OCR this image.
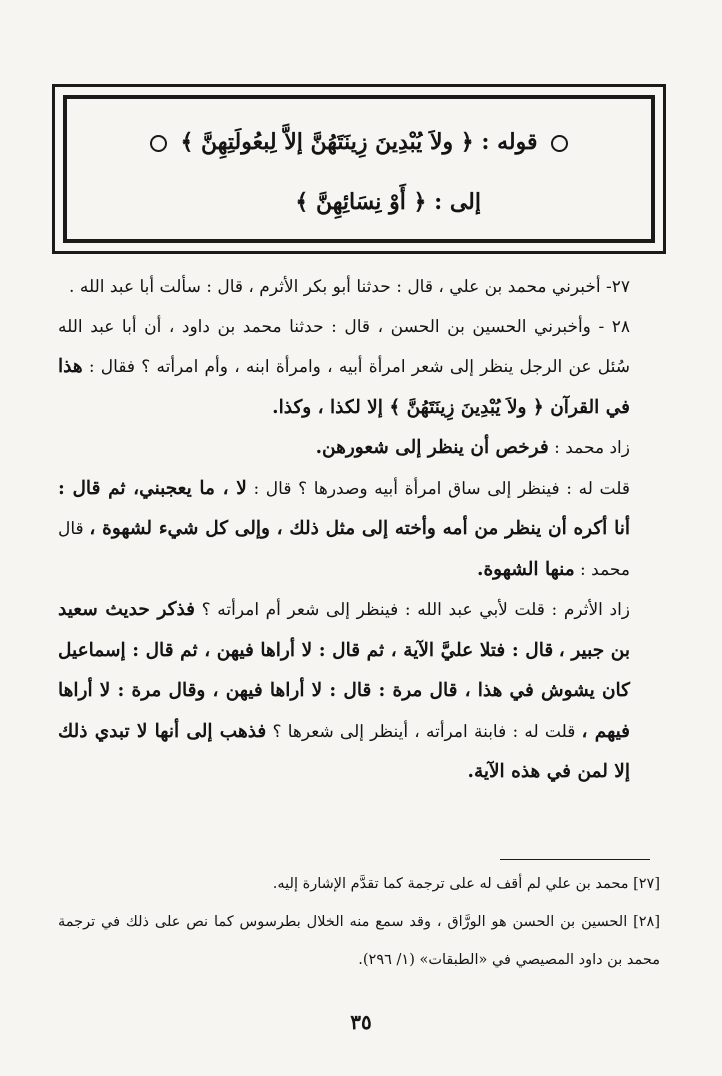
قوله : ﴿ ولاَ يُبْدِينَ زِينَتَهُنَّ إلاَّ لِبعُولَتِهِنَّ ﴾
إلى : ﴿ أَوْ نِسَائِهِنَّ ﴾

٢٧- أخبرني محمد بن علي ، قال : حدثنا أبو بكر الأثرم ، قال : سألت أبا عبد الله .

٢٨ - وأخبرني الحسين بن الحسن ، قال : حدثنا محمد بن داود ، أن أبا عبد الله سُئل عن الرجل ينظر إلى شعر امرأة أبيه ، وامرأة ابنه ، وأم امرأته ؟ فقال : هذا في القرآن ﴿ ولاَ يُبْدِينَ زِينَتَهُنَّ ﴾ إلا لكذا ، وكذا.

زاد محمد : فرخص أن ينظر إلى شعورهن.

قلت له : فينظر إلى ساق امرأة أبيه وصدرها ؟ قال : لا ، ما يعجبني، ثم قال : أنا أكره أن ينظر من أمه وأخته إلى مثل ذلك ، وإلى كل شيء لشهوة ، قال محمد : منها الشهوة.

زاد الأثرم : قلت لأبي عبد الله : فينظر إلى شعر أم امرأته ؟ فذكر حديث سعيد بن جبير ، قال : فتلا عليَّ الآية ، ثم قال : لا أراها فيهن ، ثم قال : إسماعيل كان يشوش في هذا ، قال مرة : قال : لا أراها فيهن ، وقال مرة : لا أراها فيهم ، قلت له : فابنة امرأته ، أينظر إلى شعرها ؟ فذهب إلى أنها لا تبدي ذلك إلا لمن في هذه الآية.

[٢٧] محمد بن علي لم أقف له على ترجمة كما تقدَّم الإشارة إليه.

[٢٨] الحسين بن الحسن هو الورَّاق ، وقد سمع منه الخلال بطرسوس كما نص على ذلك في ترجمة محمد بن داود المصيصي في «الطبقات» (١/ ٢٩٦).

٣٥
